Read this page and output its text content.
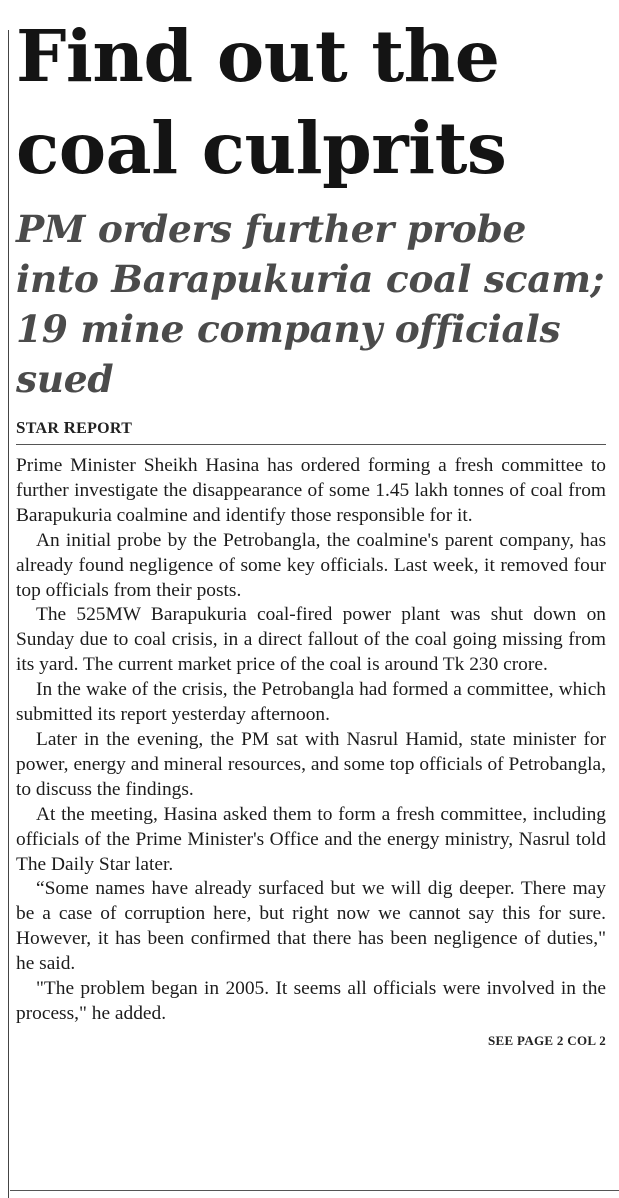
Find out the coal culprits
PM orders further probe into Barapukuria coal scam; 19 mine company officials sued
STAR REPORT

Prime Minister Sheikh Hasina has ordered forming a fresh committee to further investigate the disappearance of some 1.45 lakh tonnes of coal from Barapukuria coalmine and identify those responsible for it.

An initial probe by the Petrobangla, the coalmine's parent company, has already found negligence of some key officials. Last week, it removed four top officials from their posts.

The 525MW Barapukuria coal-fired power plant was shut down on Sunday due to coal crisis, in a direct fallout of the coal going missing from its yard. The current market price of the coal is around Tk 230 crore.

In the wake of the crisis, the Petrobangla had formed a committee, which submitted its report yesterday afternoon.

Later in the evening, the PM sat with Nasrul Hamid, state minister for power, energy and mineral resources, and some top officials of Petrobangla, to discuss the findings.

At the meeting, Hasina asked them to form a fresh committee, including officials of the Prime Minister's Office and the energy ministry, Nasrul told The Daily Star later.

“Some names have already surfaced but we will dig deeper. There may be a case of corruption here, but right now we cannot say this for sure. However, it has been confirmed that there has been negligence of duties," he said.

"The problem began in 2005. It seems all officials were involved in the process," he added.

SEE PAGE 2 COL 2
